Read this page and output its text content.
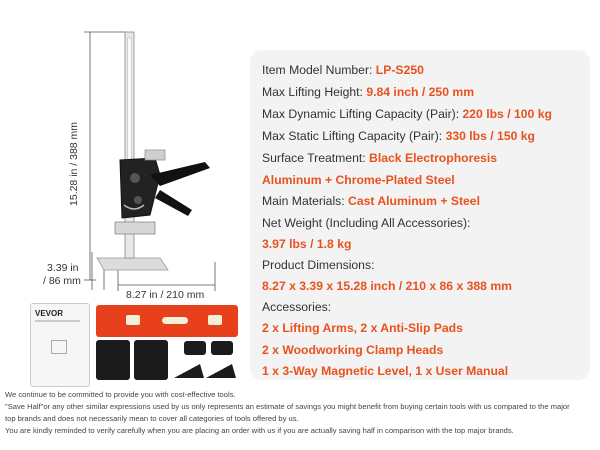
15.28 in / 388 mm
3.39 in
/ 86 mm
8.27 in / 210 mm
VEVOR
Item Model Number: LP-S250
Max Lifting Height: 9.84 inch / 250 mm
Max Dynamic Lifting Capacity (Pair): 220 lbs / 100 kg
Max Static Lifting Capacity (Pair): 330 lbs / 150 kg
Surface Treatment: Black Electrophoresis
Aluminum + Chrome-Plated Steel
Main Materials: Cast Aluminum + Steel
Net Weight (Including All Accessories):
3.97 lbs / 1.8 kg
Product Dimensions:
8.27 x 3.39 x 15.28 inch / 210 x 86 x 388 mm
Accessories:
2 x Lifting Arms, 2 x Anti-Slip Pads
2 x Woodworking Clamp Heads
1 x 3-Way Magnetic Level, 1 x User Manual
We continue to be committed to provide you with cost-effective tools.
"Save Half"or any other similar expressions used by us only represents an estimate of savings you might benefit from buying certain tools with us compared to the major
top brands and does not necessarily mean to cover all categories of tools offered by us.
You are kindly reminded to verify carefully when you are placing an order with us if you are actually saving half in comparison with the top major brands.
